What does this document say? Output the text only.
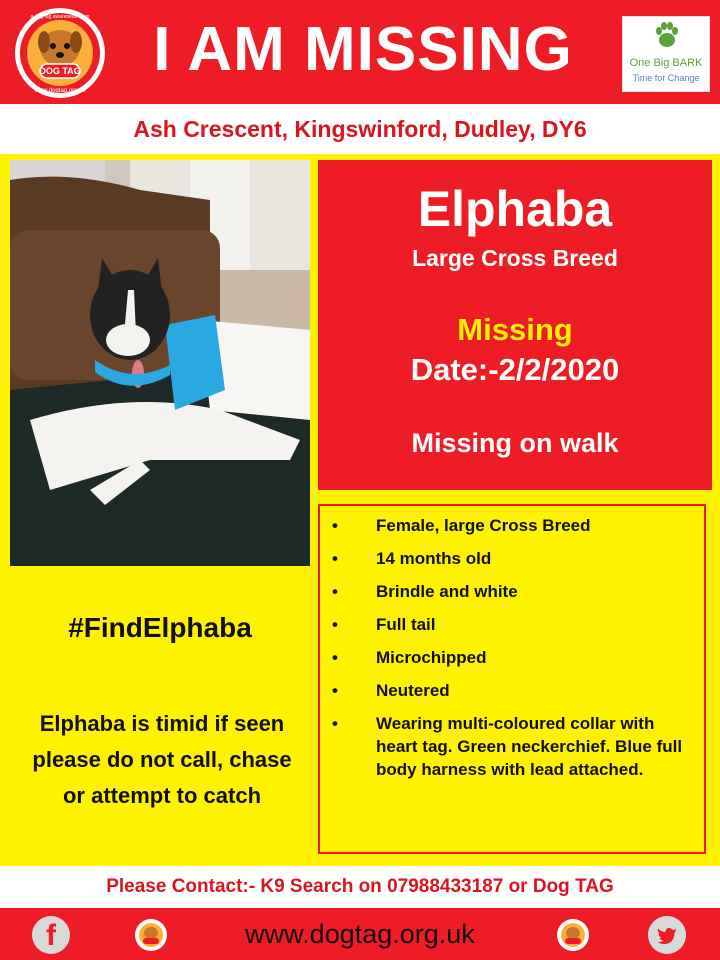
DOG TAG
www.dogtag.org.uk
a dog tag awareness team	I AM MISSING	One Big BARK
Time for Change
Ash Crescent, Kingswinford, Dudley, DY6
Elphaba
Large Cross Breed
Missing
Date:-2/2/2020
Missing on walk
#FindElphaba
Elphaba is timid if seen please do not call, chase or attempt to catch
• Female, large Cross Breed
• 14 months old
• Brindle and white
• Full tail
• Microchipped
• Neutered
• Wearing multi-coloured collar with heart tag. Green neckerchief. Blue full body harness with lead attached.
Please Contact:- K9 Search on 07988433187 or Dog TAG
f	www.dogtag.org.uk
